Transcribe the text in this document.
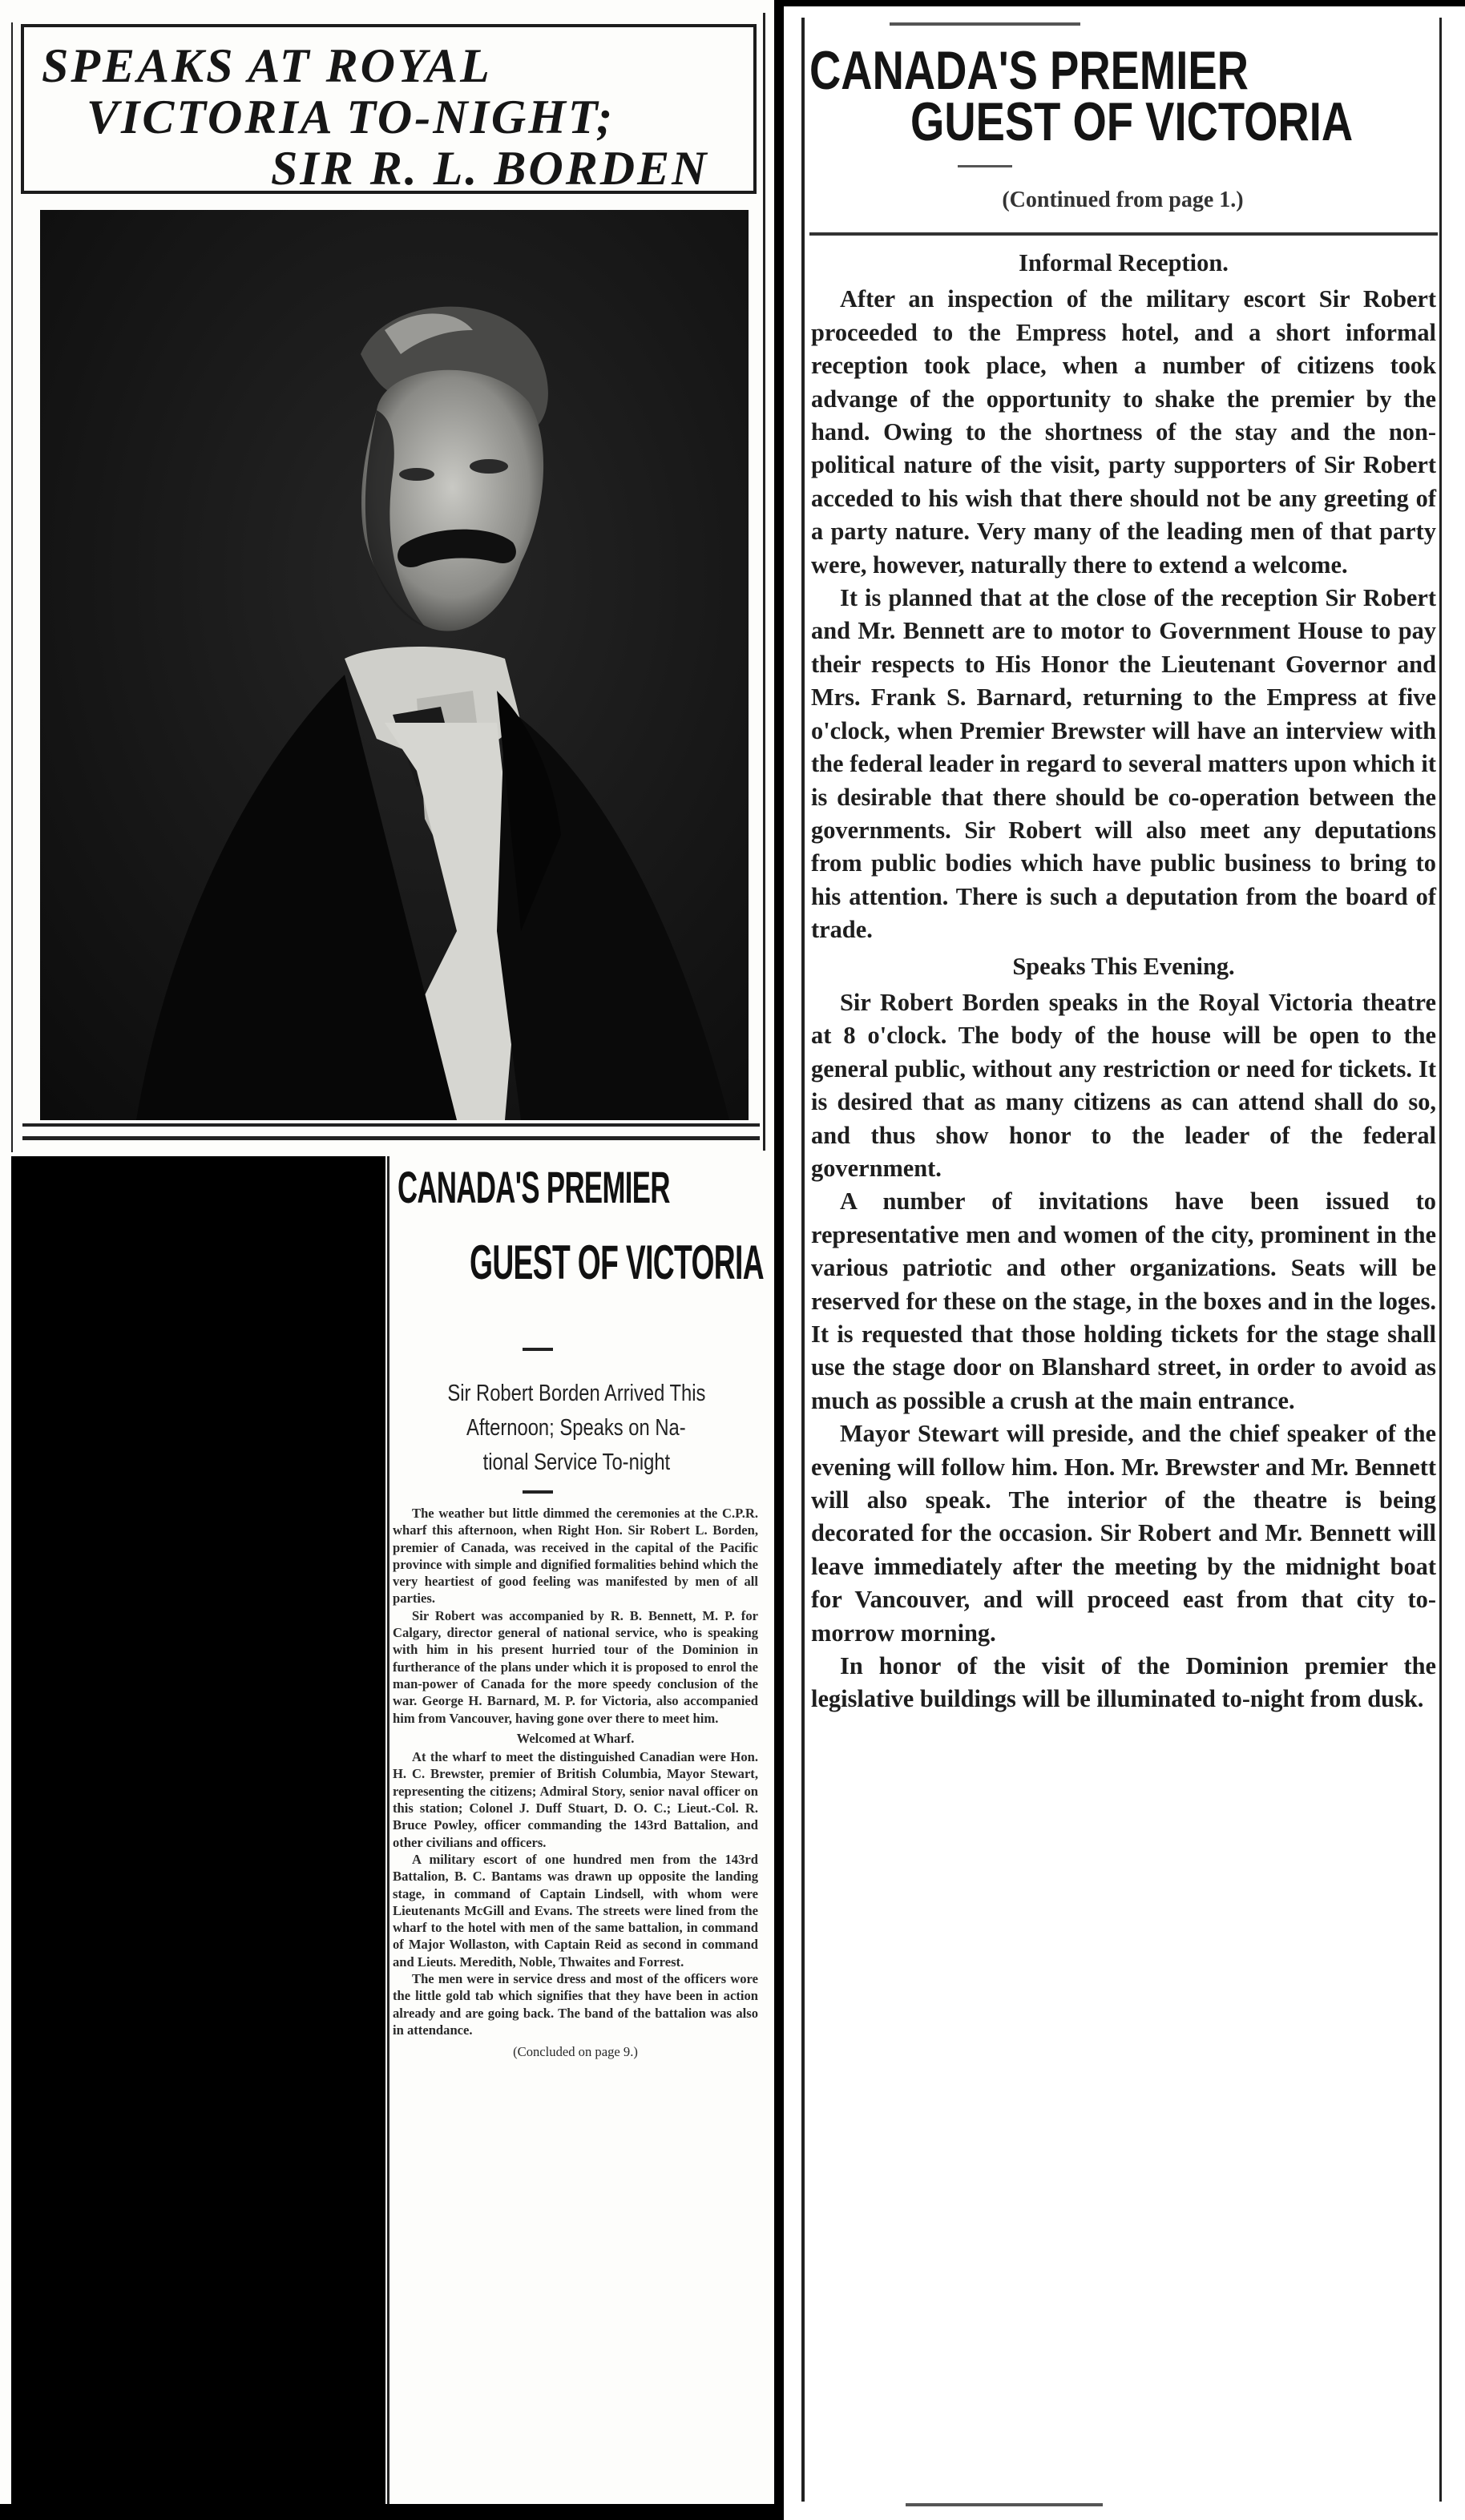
SPEAKS AT ROYAL
VICTORIA TO-NIGHT;
SIR R. L. BORDEN
CANADA'S PREMIER
GUEST OF VICTORIA
Sir Robert Borden Arrived This
Afternoon; Speaks on Na-
tional Service To-night

The weather but little dimmed the ceremonies at the C.P.R. wharf this afternoon, when Right Hon. Sir Robert L. Borden, premier of Canada, was received in the capital of the Pacific province with simple and dignified formalities behind which the very heartiest of good feeling was manifested by men of all parties.

Sir Robert was accompanied by R. B. Bennett, M. P. for Calgary, director general of national service, who is speaking with him in his present hurried tour of the Dominion in furtherance of the plans under which it is proposed to enrol the man-power of Canada for the more speedy conclusion of the war. George H. Barnard, M. P. for Victoria, also accompanied him from Vancouver, having gone over there to meet him.

Welcomed at Wharf.

At the wharf to meet the distinguished Canadian were Hon. H. C. Brewster, premier of British Columbia, Mayor Stewart, representing the citizens; Admiral Story, senior naval officer on this station; Colonel J. Duff Stuart, D. O. C.; Lieut.-Col. R. Bruce Powley, officer commanding the 143rd Battalion, and other civilians and officers.

A military escort of one hundred men from the 143rd Battalion, B. C. Bantams was drawn up opposite the landing stage, in command of Captain Lindsell, with whom were Lieutenants McGill and Evans. The streets were lined from the wharf to the hotel with men of the same battalion, in command of Major Wollaston, with Captain Reid as second in command and Lieuts. Meredith, Noble, Thwaites and Forrest.

The men were in service dress and most of the officers wore the little gold tab which signifies that they have been in action already and are going back. The band of the battalion was also in attendance.

(Concluded on page 9.)

CANADA'S PREMIER
GUEST OF VICTORIA
(Continued from page 1.)

Informal Reception.

After an inspection of the military escort Sir Robert proceeded to the Empress hotel, and a short informal reception took place, when a number of citizens took advange of the opportunity to shake the premier by the hand. Owing to the shortness of the stay and the non-political nature of the visit, party supporters of Sir Robert acceded to his wish that there should not be any greeting of a party nature. Very many of the leading men of that party were, however, naturally there to extend a welcome.

It is planned that at the close of the reception Sir Robert and Mr. Bennett are to motor to Government House to pay their respects to His Honor the Lieutenant Governor and Mrs. Frank S. Barnard, returning to the Empress at five o'clock, when Premier Brewster will have an interview with the federal leader in regard to several matters upon which it is desirable that there should be co-operation between the governments. Sir Robert will also meet any deputations from public bodies which have public business to bring to his attention. There is such a deputation from the board of trade.

Speaks This Evening.

Sir Robert Borden speaks in the Royal Victoria theatre at 8 o'clock. The body of the house will be open to the general public, without any restriction or need for tickets. It is desired that as many citizens as can attend shall do so, and thus show honor to the leader of the federal government.

A number of invitations have been issued to representative men and women of the city, prominent in the various patriotic and other organizations. Seats will be reserved for these on the stage, in the boxes and in the loges. It is requested that those holding tickets for the stage shall use the stage door on Blanshard street, in order to avoid as much as possible a crush at the main entrance.

Mayor Stewart will preside, and the chief speaker of the evening will follow him. Hon. Mr. Brewster and Mr. Bennett will also speak. The interior of the theatre is being decorated for the occasion. Sir Robert and Mr. Bennett will leave immediately after the meeting by the midnight boat for Vancouver, and will proceed east from that city to-morrow morning.

In honor of the visit of the Dominion premier the legislative buildings will be illuminated to-night from dusk.
